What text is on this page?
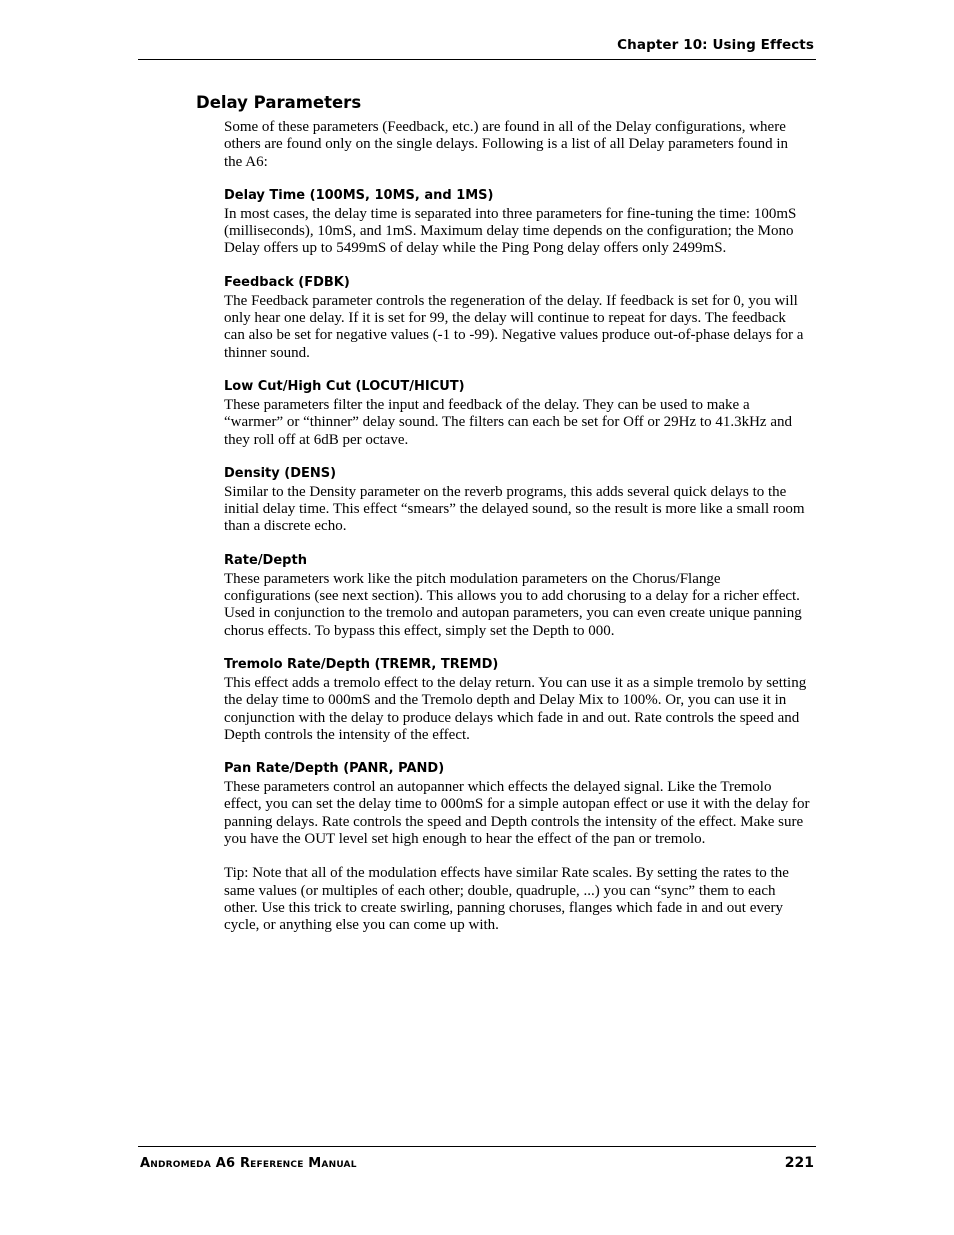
Chapter 10: Using Effects
Delay Parameters

Some of these parameters (Feedback, etc.) are found in all of the Delay configurations, where others are found only on the single delays. Following is a list of all Delay parameters found in the A6:

Delay Time (100MS, 10MS, and 1MS)

In most cases, the delay time is separated into three parameters for fine-tuning the time: 100mS (milliseconds), 10mS, and 1mS. Maximum delay time depends on the configuration; the Mono Delay offers up to 5499mS of delay while the Ping Pong delay offers only 2499mS.

Feedback (FDBK)

The Feedback parameter controls the regeneration of the delay. If feedback is set for 0, you will only hear one delay. If it is set for 99, the delay will continue to repeat for days. The feedback can also be set for negative values (-1 to -99). Negative values produce out-of-phase delays for a thinner sound.

Low Cut/High Cut (LOCUT/HICUT)

These parameters filter the input and feedback of the delay. They can be used to make a “warmer” or “thinner” delay sound. The filters can each be set for Off or 29Hz to 41.3kHz and they roll off at 6dB per octave.

Density (DENS)

Similar to the Density parameter on the reverb programs, this adds several quick delays to the initial delay time. This effect “smears” the delayed sound, so the result is more like a small room than a discrete echo.

Rate/Depth

These parameters work like the pitch modulation parameters on the Chorus/Flange configurations (see next section). This allows you to add chorusing to a delay for a richer effect. Used in conjunction to the tremolo and autopan parameters, you can even create unique panning chorus effects. To bypass this effect, simply set the Depth to 000.

Tremolo Rate/Depth (TREMR, TREMD)

This effect adds a tremolo effect to the delay return. You can use it as a simple tremolo by setting the delay time to 000mS and the Tremolo depth and Delay Mix to 100%. Or, you can use it in conjunction with the delay to produce delays which fade in and out. Rate controls the speed and Depth controls the intensity of the effect.

Pan Rate/Depth (PANR, PAND)

These parameters control an autopanner which effects the delayed signal. Like the Tremolo effect, you can set the delay time to 000mS for a simple autopan effect or use it with the delay for panning delays. Rate controls the speed and Depth controls the intensity of the effect. Make sure you have the OUT level set high enough to hear the effect of the pan or tremolo.

Tip: Note that all of the modulation effects have similar Rate scales. By setting the rates to the same values (or multiples of each other; double, quadruple, ...) you can “sync” them to each other. Use this trick to create swirling, panning choruses, flanges which fade in and out every cycle, or anything else you can come up with.

Andromeda A6 Reference Manual	221
